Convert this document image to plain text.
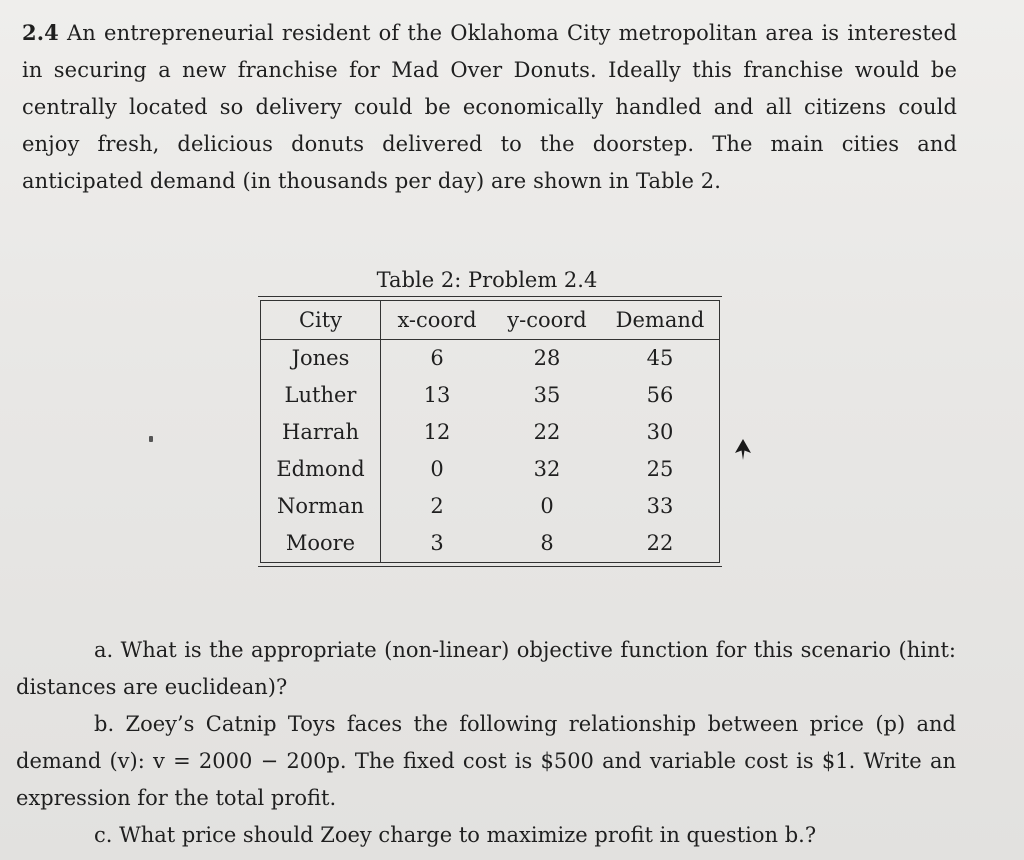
2.4 An entrepreneurial resident of the Oklahoma City metropolitan area is interested in securing a new franchise for Mad Over Donuts. Ideally this franchise would be centrally located so delivery could be economically handled and all citizens could enjoy fresh, delicious donuts delivered to the doorstep. The main cities and anticipated demand (in thousands per day) are shown in Table 2.
Table 2: Problem 2.4
City	x-coord	y-coord	Demand
Jones	6	28	45
Luther	13	35	56
Harrah	12	22	30
Edmond	0	32	25
Norman	2	0	33
Moore	3	8	22
a. What is the appropriate (non-linear) objective function for this scenario (hint: distances are euclidean)?
b. Zoey’s Catnip Toys faces the following relationship between price (p) and demand (v): v = 2000 − 200p. The fixed cost is $500 and variable cost is $1. Write an expression for the total profit.
c. What price should Zoey charge to maximize profit in question b.?
